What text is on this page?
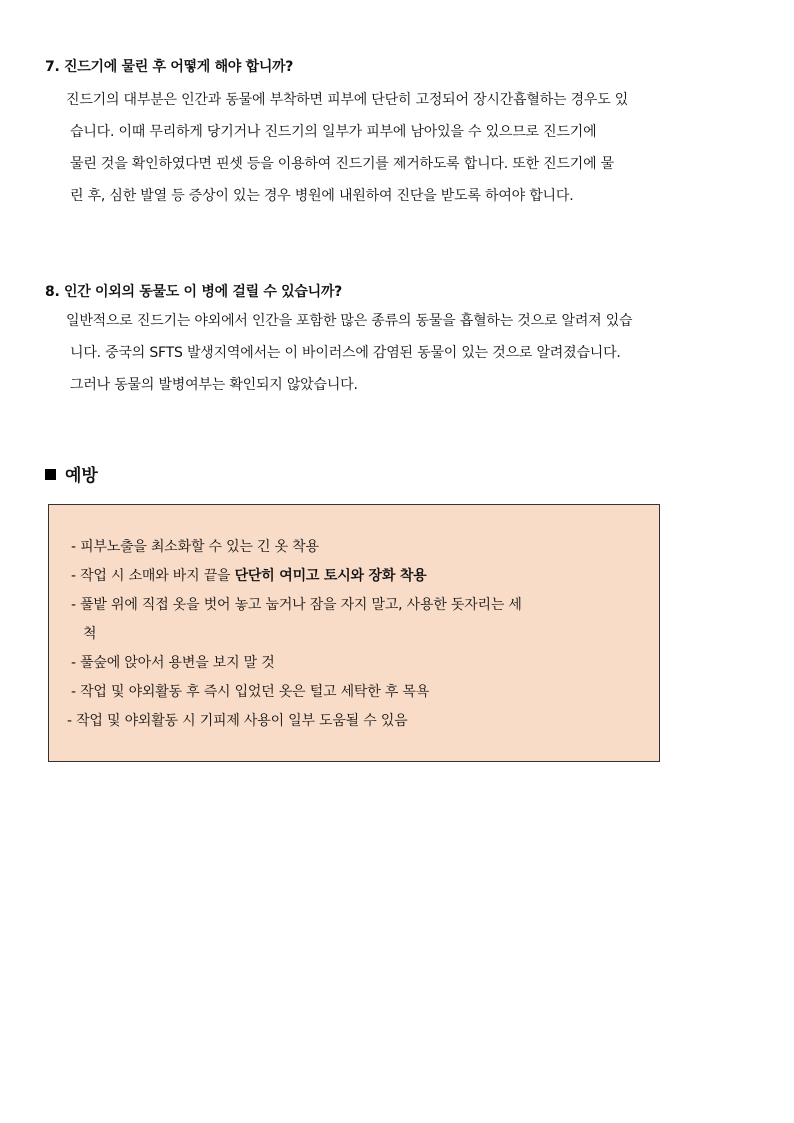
7. 진드기에 물린 후 어떻게 해야 합니까?

진드기의 대부분은 인간과 동물에 부착하면 피부에 단단히 고정되어 장시간흡혈하는 경우도 있

습니다. 이때 무리하게 당기거나 진드기의 일부가 피부에 남아있을 수 있으므로 진드기에

물린 것을 확인하였다면 핀셋 등을 이용하여 진드기를 제거하도록 합니다. 또한 진드기에 물

린 후, 심한 발열 등 증상이 있는 경우 병원에 내원하여 진단을 받도록 하여야 합니다.

8. 인간 이외의 동물도 이 병에 걸릴 수 있습니까?

일반적으로 진드기는 야외에서 인간을 포함한 많은 종류의 동물을 흡혈하는 것으로 알려져 있습

니다. 중국의 SFTS 발생지역에서는 이 바이러스에 감염된 동물이 있는 것으로 알려졌습니다.

그러나 동물의 발병여부는 확인되지 않았습니다.

예방
- 피부노출을 최소화할 수 있는 긴 옷 착용
- 작업 시 소매와 바지 끝을 단단히 여미고 토시와 장화 착용
- 풀밭 위에 직접 옷을 벗어 놓고 눕거나 잠을 자지 말고, 사용한 돗자리는 세
척
- 풀숲에 앉아서 용변을 보지 말 것
- 작업 및 야외활동 후 즉시 입었던 옷은 털고 세탁한 후 목욕
- 작업 및 야외활동 시 기피제 사용이 일부 도움될 수 있음
